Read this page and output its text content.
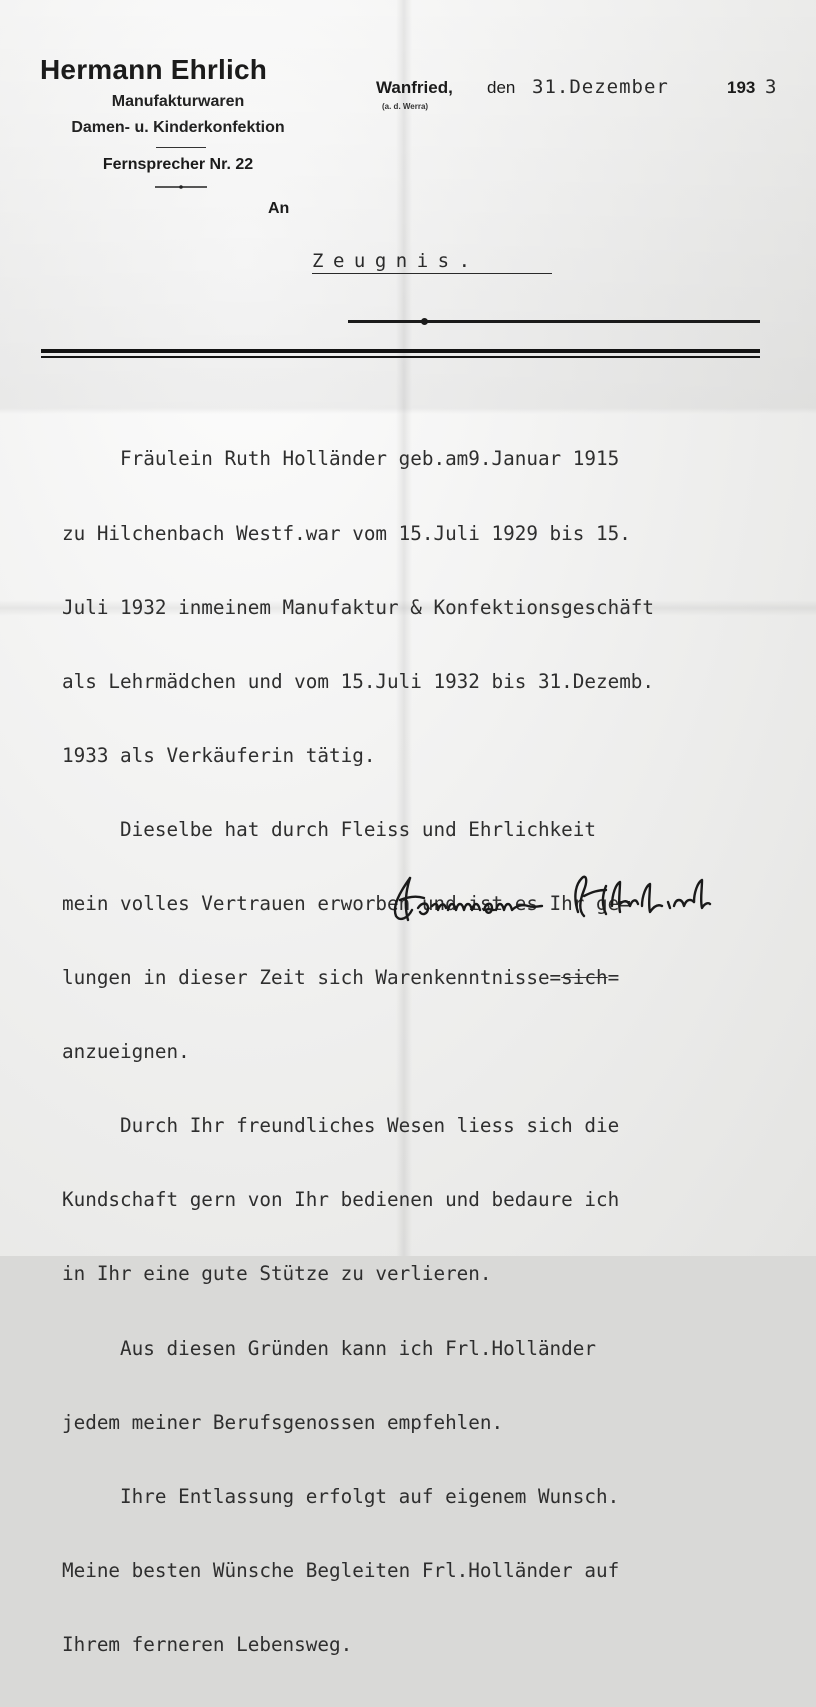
Hermann Ehrlich
Manufakturwaren
Damen- u. Kinderkonfektion
Fernsprecher Nr. 22
An
Wanfried,
(a. d. Werra)
den 31.Dezember	193 3
Zeugnis.

Fräulein Ruth Holländer geb.am9.Januar 1915

zu Hilchenbach Westf.war vom 15.Juli 1929 bis 15.

Juli 1932 inmeinem Manufaktur & Konfektionsgeschäft

als Lehrmädchen und vom 15.Juli 1932 bis 31.Dezemb.

1933 als Verkäuferin tätig.

Dieselbe hat durch Fleiss und Ehrlichkeit

mein volles Vertrauen erworben und ist es Ihr ge=

lungen in dieser Zeit sich Warenkenntnisse=sich=

anzueignen.

Durch Ihr freundliches Wesen liess sich die

Kundschaft gern von Ihr bedienen und bedaure ich

in Ihr eine gute Stütze zu verlieren.

Aus diesen Gründen kann ich Frl.Holländer

jedem meiner Berufsgenossen empfehlen.

Ihre Entlassung erfolgt auf eigenem Wunsch.

Meine besten Wünsche Begleiten Frl.Holländer auf

Ihrem ferneren Lebensweg.
